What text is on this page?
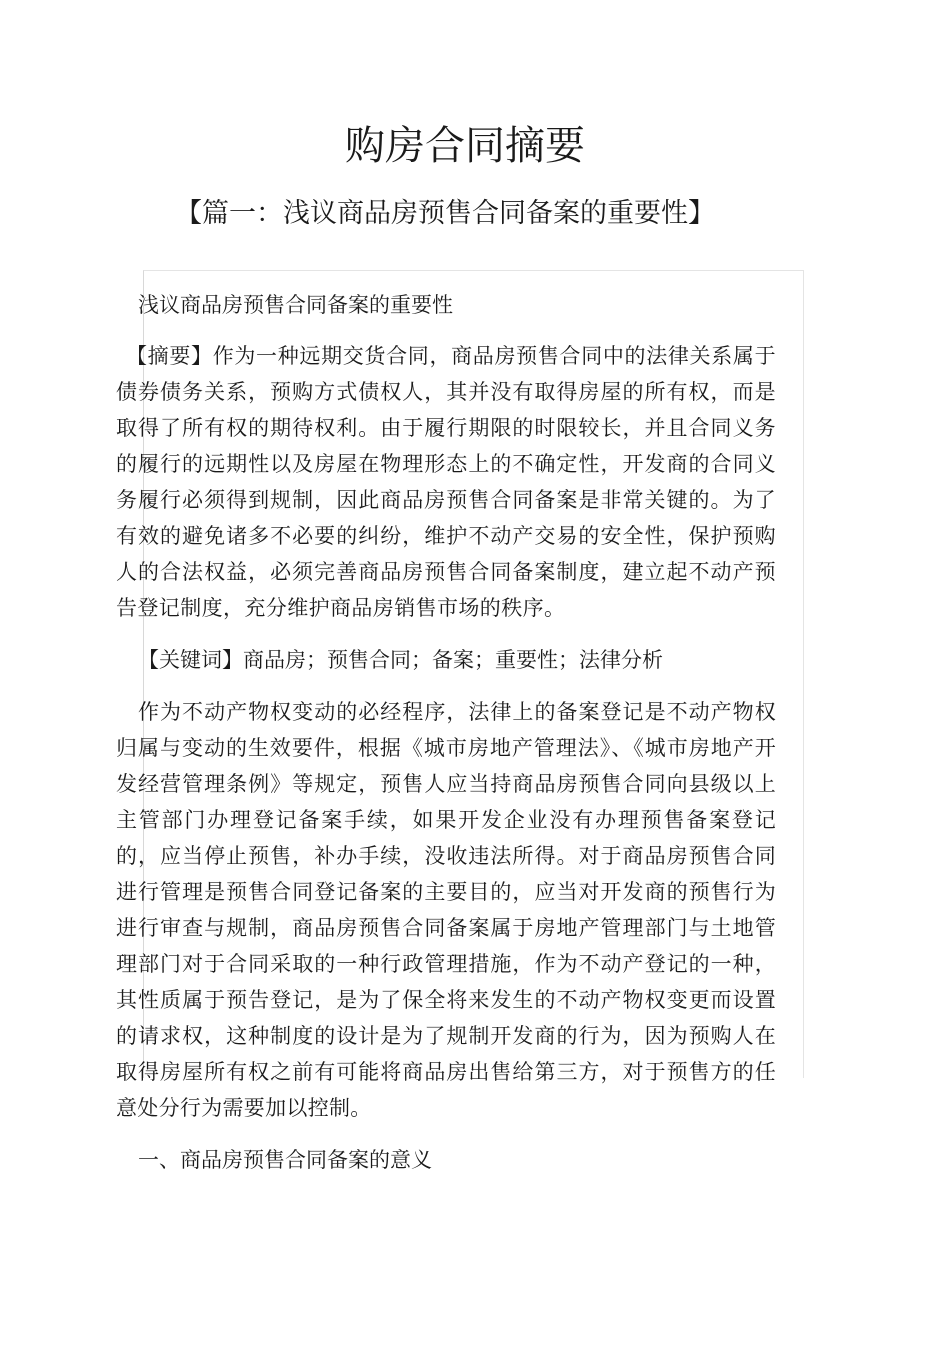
购房合同摘要
【篇一：浅议商品房预售合同备案的重要性】

浅议商品房预售合同备案的重要性

【摘要】作为一种远期交货合同，商品房预售合同中的法律关系属于债券债务关系，预购方式债权人，其并没有取得房屋的所有权，而是取得了所有权的期待权利。由于履行期限的时限较长，并且合同义务的履行的远期性以及房屋在物理形态上的不确定性，开发商的合同义务履行必须得到规制，因此商品房预售合同备案是非常关键的。为了有效的避免诸多不必要的纠纷，维护不动产交易的安全性，保护预购人的合法权益，必须完善商品房预售合同备案制度，建立起不动产预告登记制度，充分维护商品房销售市场的秩序。

【关键词】商品房；预售合同；备案；重要性；法律分析

作为不动产物权变动的必经程序，法律上的备案登记是不动产物权归属与变动的生效要件，根据《城市房地产管理法》、《城市房地产开发经营管理条例》等规定，预售人应当持商品房预售合同向县级以上主管部门办理登记备案手续，如果开发企业没有办理预售备案登记的，应当停止预售，补办手续，没收违法所得。对于商品房预售合同进行管理是预售合同登记备案的主要目的，应当对开发商的预售行为进行审查与规制，商品房预售合同备案属于房地产管理部门与土地管理部门对于合同采取的一种行政管理措施，作为不动产登记的一种，其性质属于预告登记，是为了保全将来发生的不动产物权变更而设置的请求权，这种制度的设计是为了规制开发商的行为，因为预购人在取得房屋所有权之前有可能将商品房出售给第三方，对于预售方的任意处分行为需要加以控制。

一、商品房预售合同备案的意义
